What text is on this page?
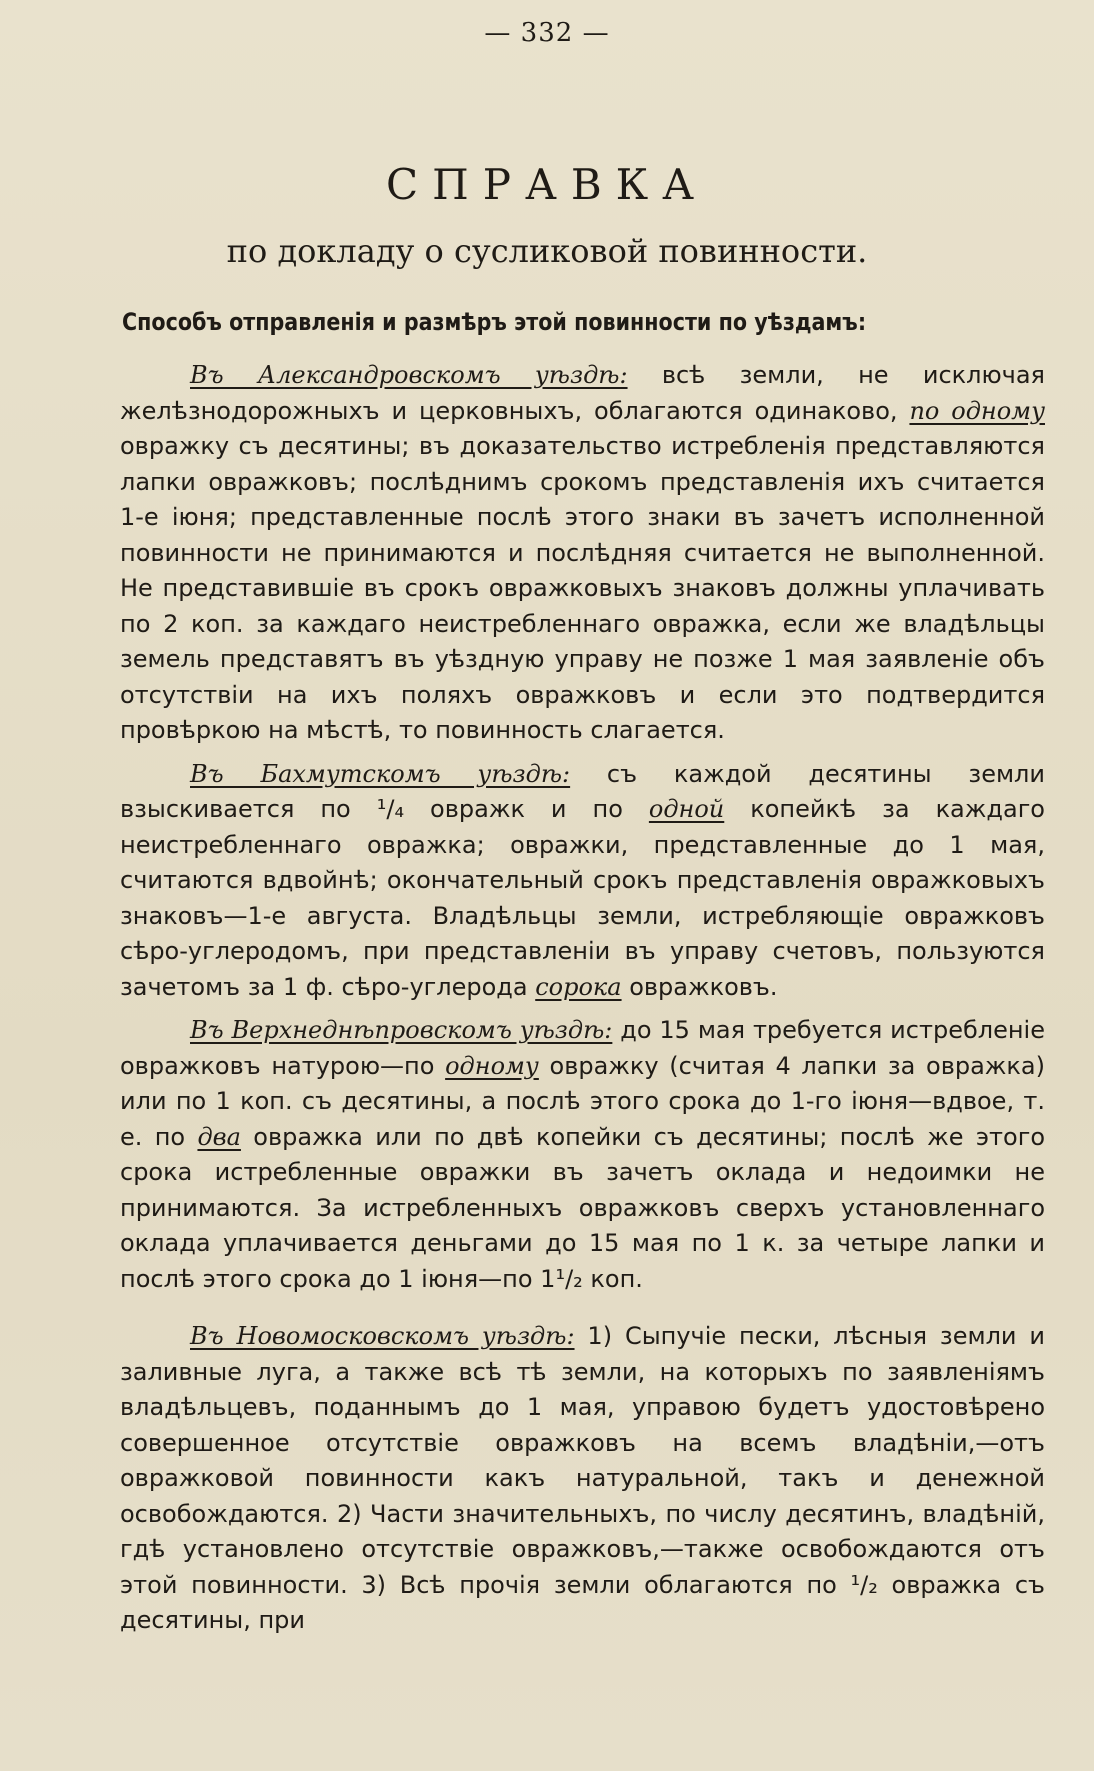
— 332 —
СПРАВКА
по докладу о сусликовой повинности.
Способъ отправленія и размѣръ этой повинности по уѣздамъ:

Въ Александровскомъ уѣздѣ: всѣ земли, не исключая желѣзнодорожныхъ и церковныхъ, облагаются одинаково, по одному овражку съ десятины; въ доказательство истребленія представляются лапки овражковъ; послѣднимъ срокомъ представленія ихъ считается 1-е іюня; представленные послѣ этого знаки въ зачетъ исполненной повинности не принимаются и послѣдняя считается не выполненной. Не представившіе въ срокъ овражковыхъ знаковъ должны уплачивать по 2 коп. за каждаго неистребленнаго овражка, если же владѣльцы земель представятъ въ уѣздную управу не позже 1 мая заявленіе объ отсутствіи на ихъ поляхъ овражковъ и если это подтвердится провѣркою на мѣстѣ, то повинность слагается.

Въ Бахмутскомъ уѣздѣ: съ каждой десятины земли взыскивается по ¹/₄ овражк и по одной копейкѣ за каждаго неистребленнаго овражка; овражки, представленные до 1 мая, считаются вдвойнѣ; окончательный срокъ представленія овражковыхъ знаковъ—1-е августа. Владѣльцы земли, истребляющіе овражковъ сѣро-углеродомъ, при представленіи въ управу счетовъ, пользуются зачетомъ за 1 ф. сѣро-углерода сорока овражковъ.

Въ Верхнеднѣпровскомъ уѣздѣ: до 15 мая требуется истребленіе овражковъ натурою—по одному овражку (считая 4 лапки за овражка) или по 1 коп. съ десятины, а послѣ этого срока до 1-го іюня—вдвое, т. е. по два овражка или по двѣ копейки съ десятины; послѣ же этого срока истребленные овражки въ зачетъ оклада и недоимки не принимаются. За истребленныхъ овражковъ сверхъ установленнаго оклада уплачивается деньгами до 15 мая по 1 к. за четыре лапки и послѣ этого срока до 1 іюня—по 1¹/₂ коп.

Въ Новомосковскомъ уѣздѣ: 1) Сыпучіе пески, лѣсныя земли и заливные луга, а также всѣ тѣ земли, на которыхъ по заявленіямъ владѣльцевъ, поданнымъ до 1 мая, управою будетъ удостовѣрено совершенное отсутствіе овражковъ на всемъ владѣніи,—отъ овражковой повинности какъ натуральной, такъ и денежной освобождаются. 2) Части значительныхъ, по числу десятинъ, владѣній, гдѣ установлено отсутствіе овражковъ,—также освобождаются отъ этой повинности. 3) Всѣ прочія земли облагаются по ¹/₂ овражка съ десятины, при
